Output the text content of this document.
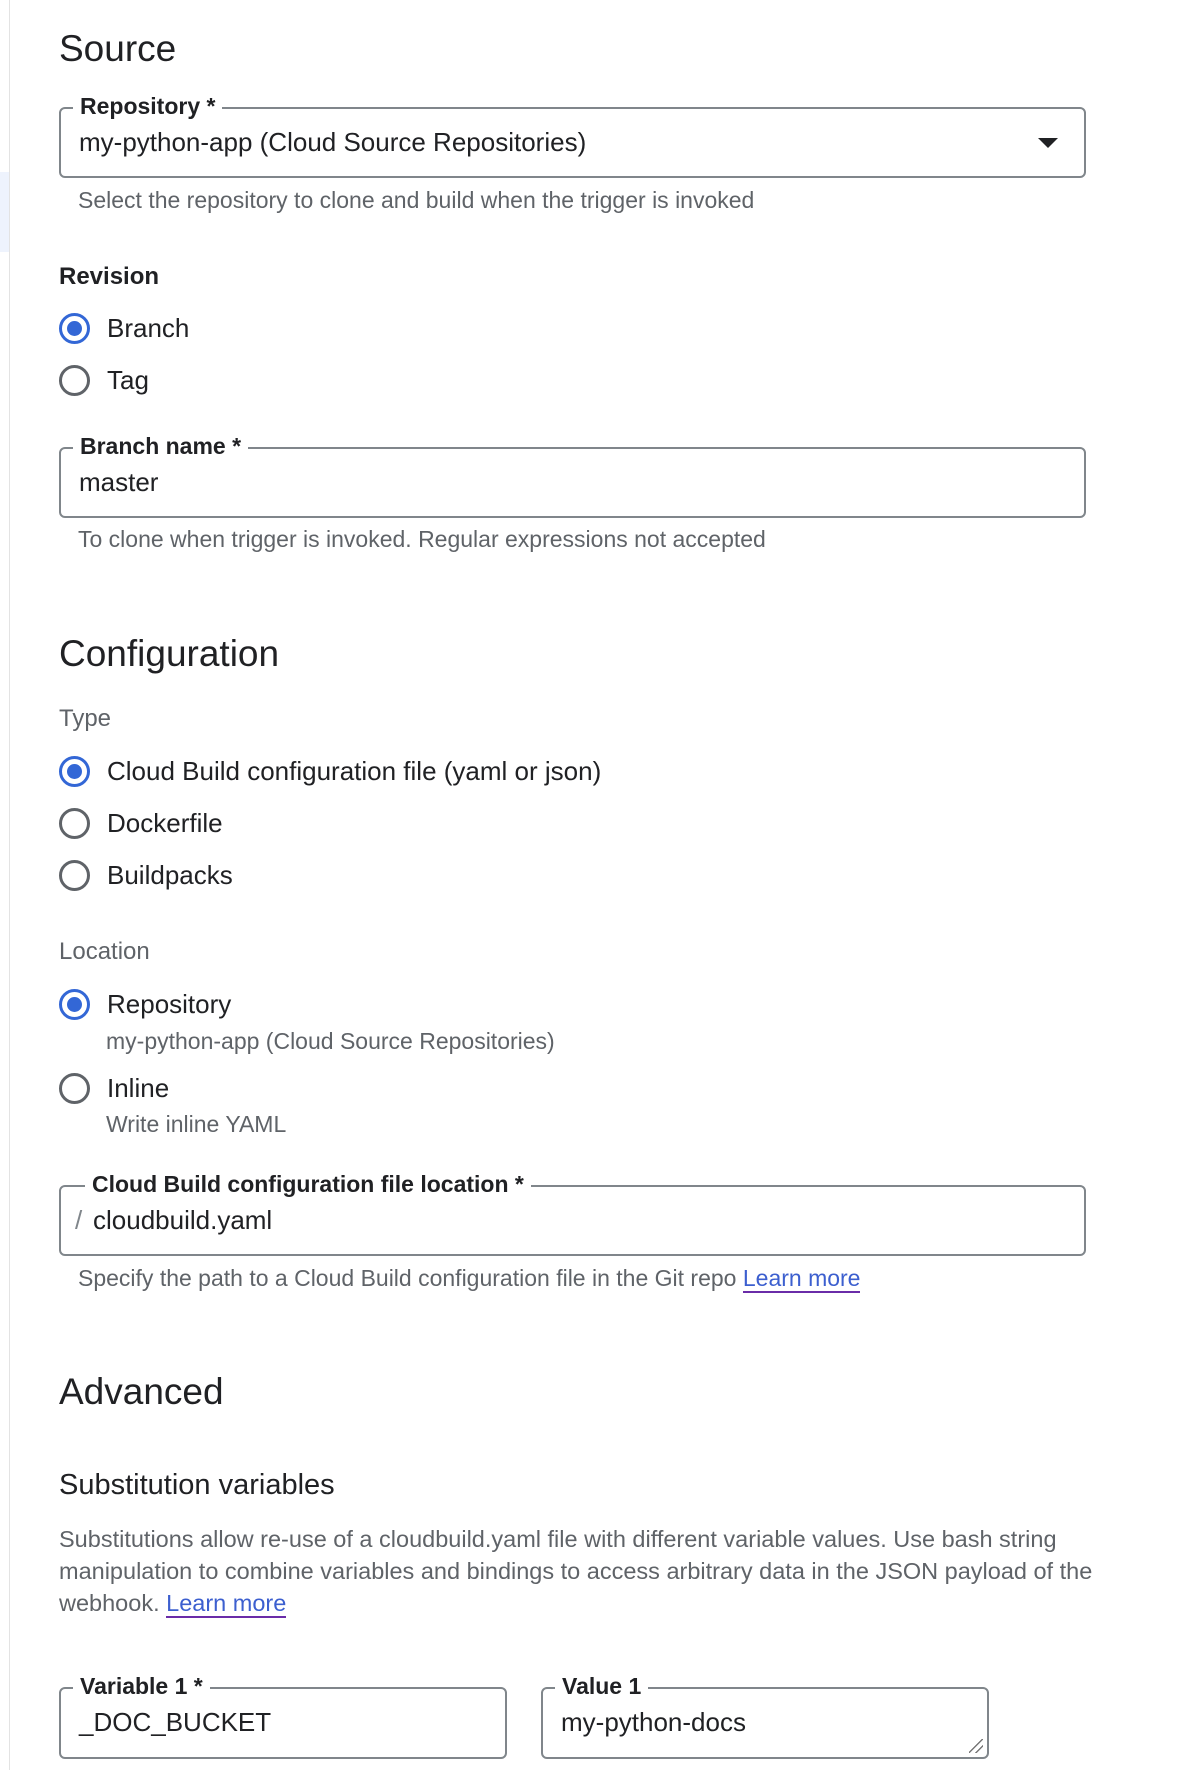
Source
Repository *
my-python-app (Cloud Source Repositories)
Select the repository to clone and build when the trigger is invoked
Revision
Branch
Tag
Branch name *
master
To clone when trigger is invoked. Regular expressions not accepted
Configuration
Type
Cloud Build configuration file (yaml or json)
Dockerfile
Buildpacks
Location
Repository
my-python-app (Cloud Source Repositories)
Inline
Write inline YAML
Cloud Build configuration file location *
/ cloudbuild.yaml
Specify the path to a Cloud Build configuration file in the Git repo Learn more
Advanced
Substitution variables
Substitutions allow re-use of a cloudbuild.yaml file with different variable values. Use bash string manipulation to combine variables and bindings to access arbitrary data in the JSON payload of the webhook. Learn more
Variable 1 *
_DOC_BUCKET
Value 1
my-python-docs
